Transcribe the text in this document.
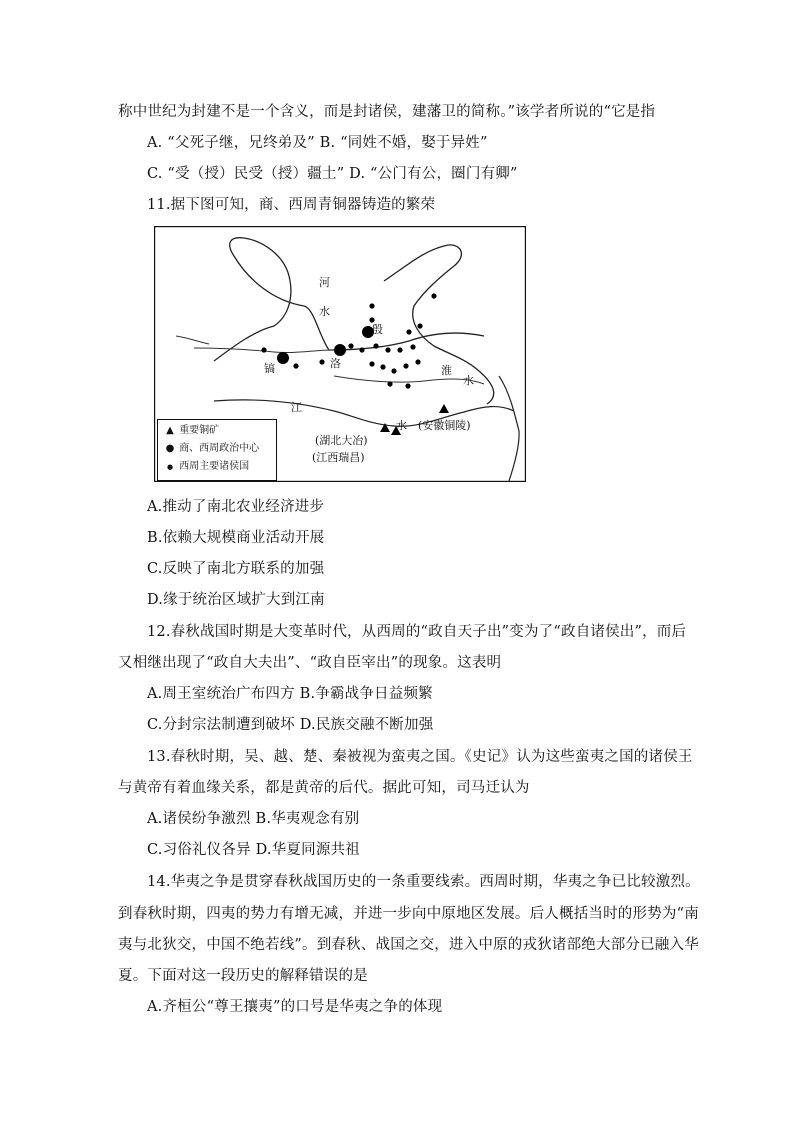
称中世纪为封建不是一个含义，而是封诸侯，建藩卫的简称。”该学者所说的“它是指
A. “父死子继，兄终弟及” B. “同姓不婚，娶于异姓”
C. “受（授）民受（授）疆土” D. “公门有公，圈门有卿”
11.据下图可知，商、西周青铜器铸造的繁荣
河
水
殷
洛
镐	淮
水
江
水
(湖北大冶)
(江西瑞昌)
(安徽铜陵)
▲ 重要铜矿
● 商、西周政治中心
● 西周主要诸侯国
A.推动了南北农业经济进步
B.依赖大规模商业活动开展
C.反映了南北方联系的加强
D.缘于统治区域扩大到江南
12.春秋战国时期是大变革时代，从西周的“政自天子出”变为了“政自诸侯出”，而后
又相继出现了“政自大夫出”、“政自臣宰出”的现象。这表明
A.周王室统治广布四方 B.争霸战争日益频繁
C.分封宗法制遭到破坏 D.民族交融不断加强
13.春秋时期，吴、越、楚、秦被视为蛮夷之国。《史记》认为这些蛮夷之国的诸侯王
与黄帝有着血缘关系，都是黄帝的后代。据此可知，司马迁认为
A.诸侯纷争激烈 B.华夷观念有别
C.习俗礼仪各异 D.华夏同源共祖
14.华夷之争是贯穿春秋战国历史的一条重要线索。西周时期，华夷之争已比较激烈。
到春秋时期，四夷的势力有增无减，并进一步向中原地区发展。后人概括当时的形势为“南
夷与北狄交，中国不绝若线”。到春秋、战国之交，进入中原的戎狄诸部绝大部分已融入华
夏。下面对这一段历史的解释错误的是
A.齐桓公“尊王攘夷”的口号是华夷之争的体现
